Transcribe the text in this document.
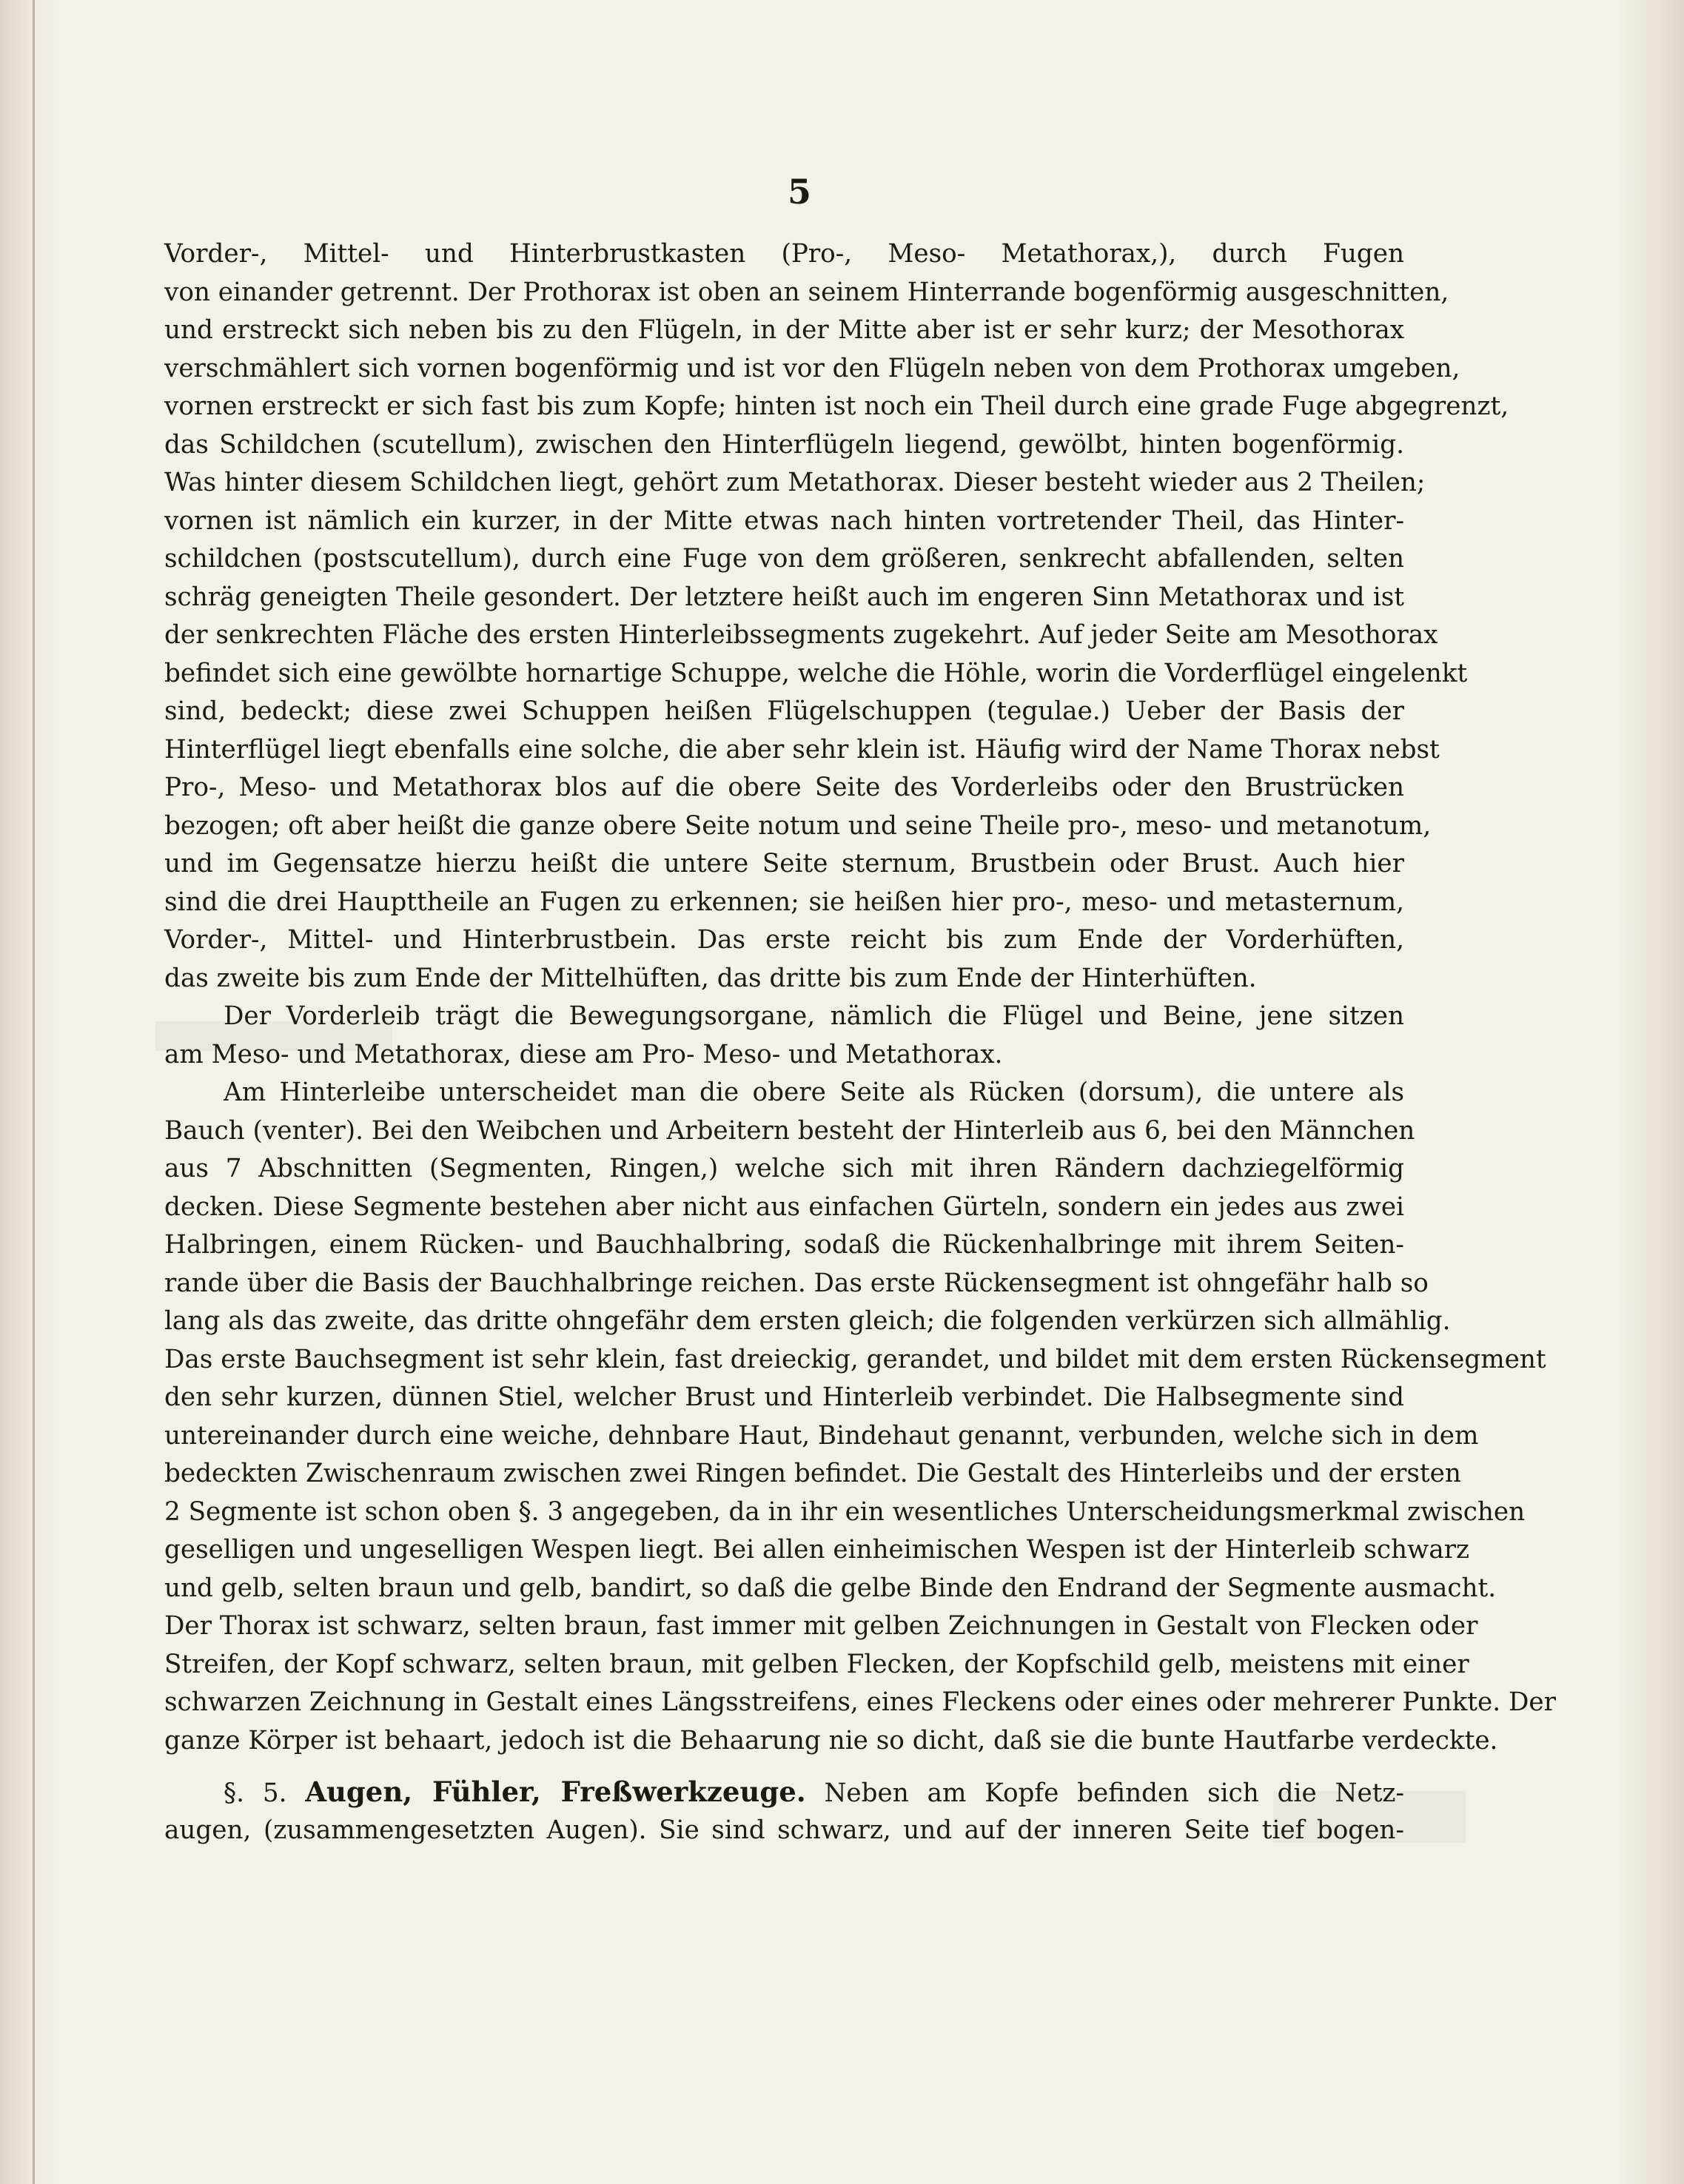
5
Vorder-, Mittel- und Hinterbrustkasten (Pro-, Meso- Metathorax,), durch Fugen
von einander getrennt. Der Prothorax ist oben an seinem Hinterrande bogenförmig ausgeschnitten,
und erstreckt sich neben bis zu den Flügeln, in der Mitte aber ist er sehr kurz; der Mesothorax
verschmählert sich vornen bogenförmig und ist vor den Flügeln neben von dem Prothorax umgeben,
vornen erstreckt er sich fast bis zum Kopfe; hinten ist noch ein Theil durch eine grade Fuge abgegrenzt,
das Schildchen (scutellum), zwischen den Hinterflügeln liegend, gewölbt, hinten bogenförmig.
Was hinter diesem Schildchen liegt, gehört zum Metathorax. Dieser besteht wieder aus 2 Theilen;
vornen ist nämlich ein kurzer, in der Mitte etwas nach hinten vortretender Theil, das Hinter-
schildchen (postscutellum), durch eine Fuge von dem größeren, senkrecht abfallenden, selten
schräg geneigten Theile gesondert. Der letztere heißt auch im engeren Sinn Metathorax und ist
der senkrechten Fläche des ersten Hinterleibssegments zugekehrt. Auf jeder Seite am Mesothorax
befindet sich eine gewölbte hornartige Schuppe, welche die Höhle, worin die Vorderflügel eingelenkt
sind, bedeckt; diese zwei Schuppen heißen Flügelschuppen (tegulae.) Ueber der Basis der
Hinterflügel liegt ebenfalls eine solche, die aber sehr klein ist. Häufig wird der Name Thorax nebst
Pro-, Meso- und Metathorax blos auf die obere Seite des Vorderleibs oder den Brustrücken
bezogen; oft aber heißt die ganze obere Seite notum und seine Theile pro-, meso- und metanotum,
und im Gegensatze hierzu heißt die untere Seite sternum, Brustbein oder Brust. Auch hier
sind die drei Haupttheile an Fugen zu erkennen; sie heißen hier pro-, meso- und metasternum,
Vorder-, Mittel- und Hinterbrustbein. Das erste reicht bis zum Ende der Vorderhüften,
das zweite bis zum Ende der Mittelhüften, das dritte bis zum Ende der Hinterhüften.
Der Vorderleib trägt die Bewegungsorgane, nämlich die Flügel und Beine, jene sitzen
am Meso- und Metathorax, diese am Pro- Meso- und Metathorax.
Am Hinterleibe unterscheidet man die obere Seite als Rücken (dorsum), die untere als
Bauch (venter). Bei den Weibchen und Arbeitern besteht der Hinterleib aus 6, bei den Männchen
aus 7 Abschnitten (Segmenten, Ringen,) welche sich mit ihren Rändern dachziegelförmig
decken. Diese Segmente bestehen aber nicht aus einfachen Gürteln, sondern ein jedes aus zwei
Halbringen, einem Rücken- und Bauchhalbring, sodaß die Rückenhalbringe mit ihrem Seiten-
rande über die Basis der Bauchhalbringe reichen. Das erste Rückensegment ist ohngefähr halb so
lang als das zweite, das dritte ohngefähr dem ersten gleich; die folgenden verkürzen sich allmählig.
Das erste Bauchsegment ist sehr klein, fast dreieckig, gerandet, und bildet mit dem ersten Rückensegment
den sehr kurzen, dünnen Stiel, welcher Brust und Hinterleib verbindet. Die Halbsegmente sind
untereinander durch eine weiche, dehnbare Haut, Bindehaut genannt, verbunden, welche sich in dem
bedeckten Zwischenraum zwischen zwei Ringen befindet. Die Gestalt des Hinterleibs und der ersten
2 Segmente ist schon oben §. 3 angegeben, da in ihr ein wesentliches Unterscheidungsmerkmal zwischen
geselligen und ungeselligen Wespen liegt. Bei allen einheimischen Wespen ist der Hinterleib schwarz
und gelb, selten braun und gelb, bandirt, so daß die gelbe Binde den Endrand der Segmente ausmacht.
Der Thorax ist schwarz, selten braun, fast immer mit gelben Zeichnungen in Gestalt von Flecken oder
Streifen, der Kopf schwarz, selten braun, mit gelben Flecken, der Kopfschild gelb, meistens mit einer
schwarzen Zeichnung in Gestalt eines Längsstreifens, eines Fleckens oder eines oder mehrerer Punkte. Der
ganze Körper ist behaart, jedoch ist die Behaarung nie so dicht, daß sie die bunte Hautfarbe verdeckte.
§. 5. Augen, Fühler, Freßwerkzeuge. Neben am Kopfe befinden sich die Netz-
augen, (zusammengesetzten Augen). Sie sind schwarz, und auf der inneren Seite tief bogen-
